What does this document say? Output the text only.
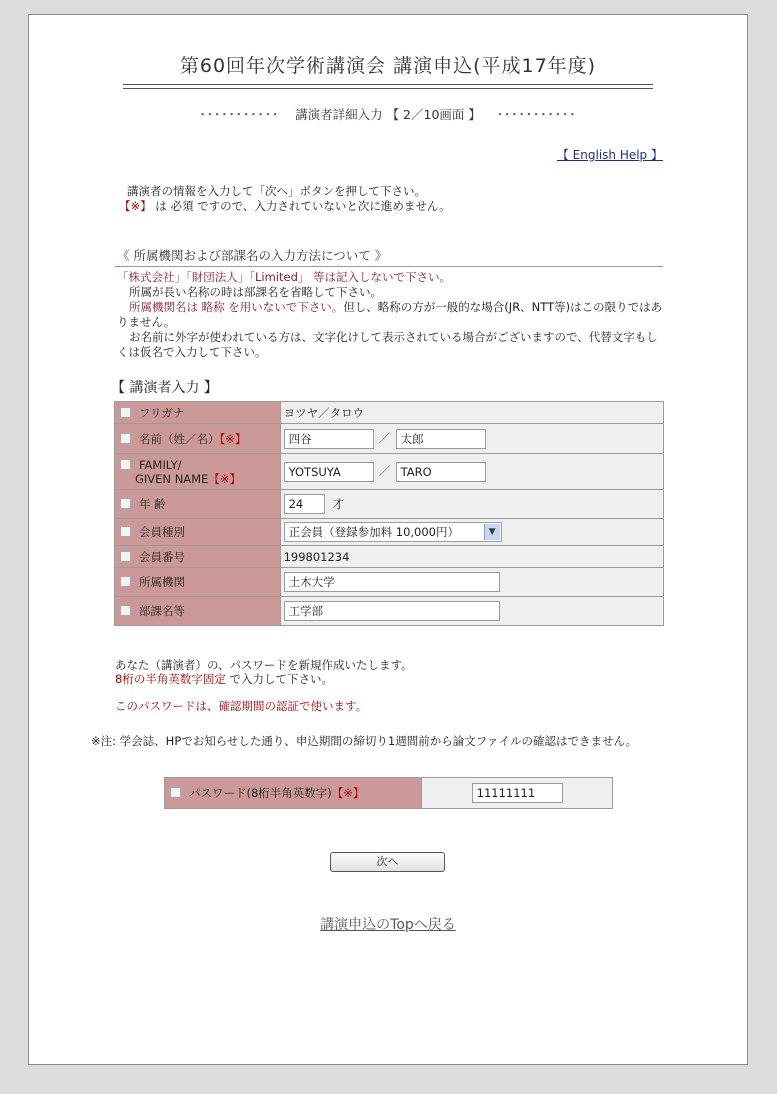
第60回年次学術講演会 講演申込(平成17年度)
･･･････････ 講演者詳細入力 【 2／10画面 】 ･･･････････
【 English Help 】
講演者の情報を入力して「次へ」ボタンを押して下さい。
【※】 は 必須 ですので、入力されていないと次に進めません。
《 所属機関および部課名の入力方法について 》
「株式会社」「財団法人」「Limited」 等は記入しないで下さい。
所属が長い名称の時は部課名を省略して下さい。
所属機関名は 略称 を用いないで下さい。但し、略称の方が一般的な場合(JR、NTT等)はこの限りではありません。
お名前に外字が使われている方は、文字化けして表示されている場合がございますので、代替文字もしくは仮名で入力して下さい。
【 講演者入力 】
フリガナ	ヨツヤ／タロウ
名前（姓／名）【※】	四谷 ／ 太郎

FAMILY/
GIVEN NAME【※】	YOTSUYA ／ TARO
年 齢	24 才
会員種別	正会員（登録参加料 10,000円） ▼

会員番号	199801234
所属機関	土木大学
部課名等	工学部
あなた（講演者）の、パスワードを新規作成いたします。
8桁の半角英数字固定 で入力して下さい。
このパスワードは、確認期間の認証で使います。
※注: 学会誌、HPでお知らせした通り、申込期間の締切り1週間前から論文ファイルの確認はできません。
パスワード(8桁半角英数字)【※】	11111111
次へ
講演申込のTopへ戻る
